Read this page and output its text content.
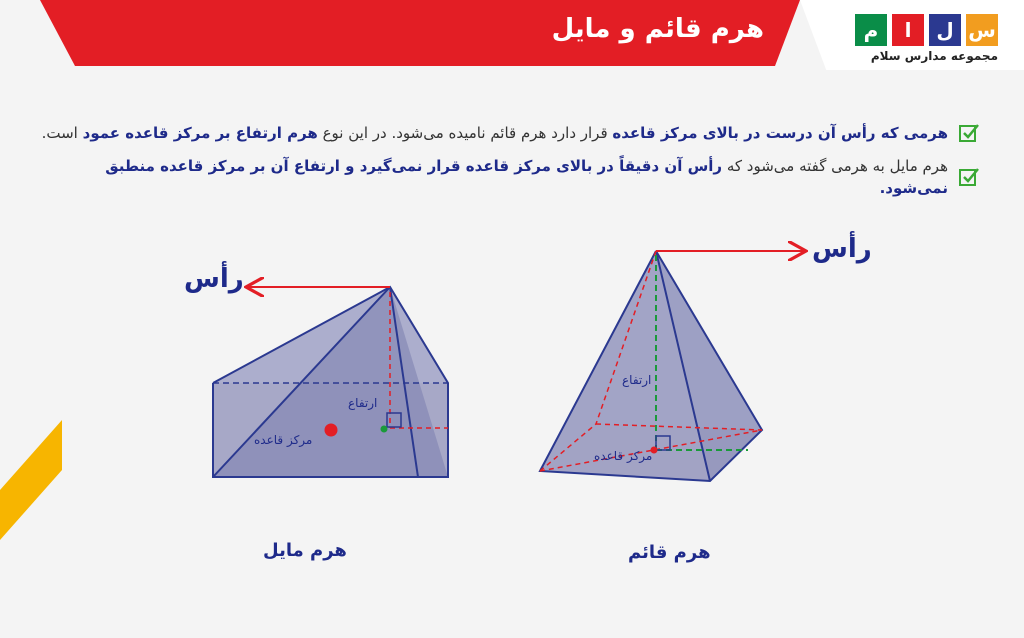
هرم قائم و مایل	م	ا	ل س
مجموعه مدارس سلام
هرمی که رأس آن درست در بالای مرکز قاعده قرار دارد هرم قائم نامیده می‌شود. در این نوع هرم ارتفاع بر مرکز قاعده عمود است.
هرم مایل به هرمی گفته می‌شود که رأس آن دقیقاً در بالای مرکز قاعده قرار نمی‌گیرد و ارتفاع آن بر مرکز قاعده منطبق نمی‌شود.
رأس
ارتفاع
مرکز قاعده
هرم مایل
رأس
ارتفاع
مرکز قاعده
هرم قائم
